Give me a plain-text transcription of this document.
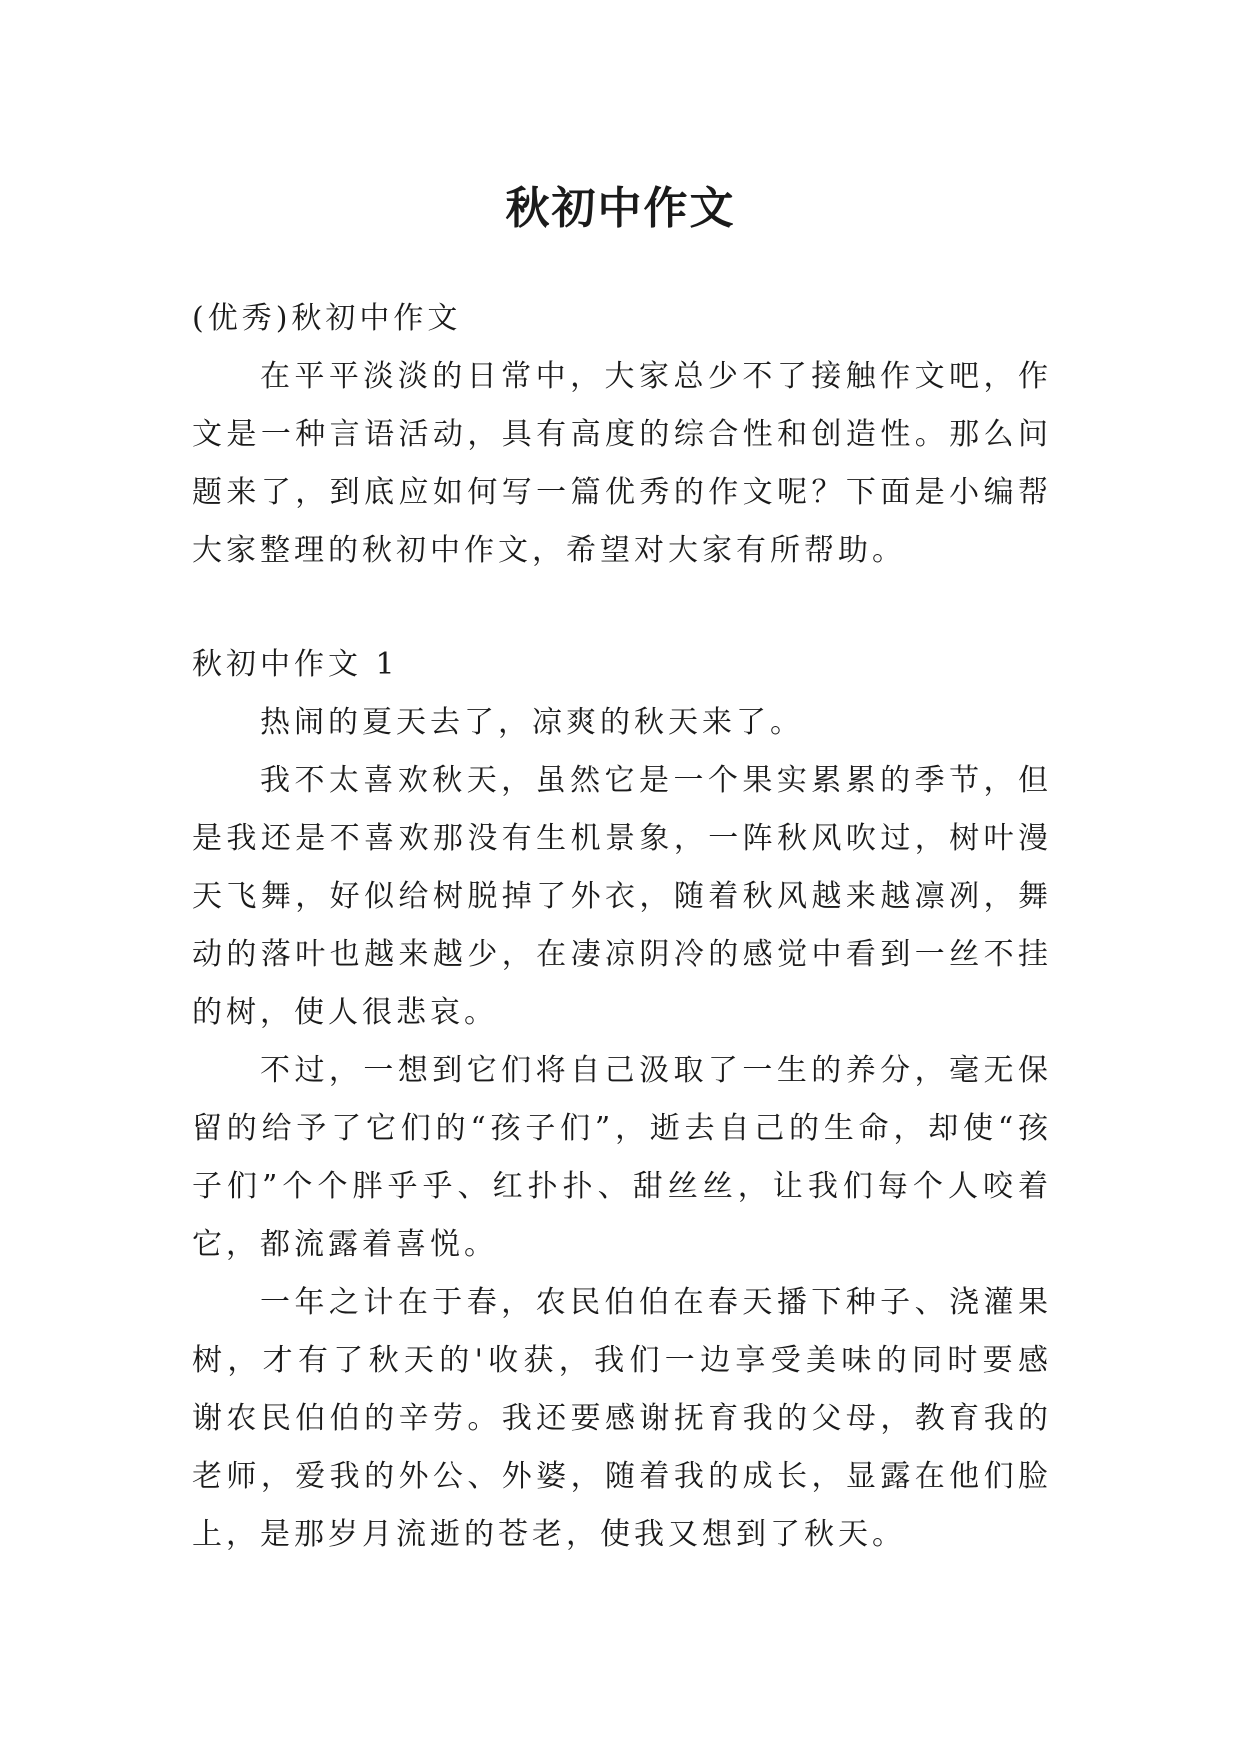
秋初中作文

(优秀)秋初中作文

在平平淡淡的日常中，大家总少不了接触作文吧，作文是一种言语活动，具有高度的综合性和创造性。那么问题来了，到底应如何写一篇优秀的作文呢？下面是小编帮大家整理的秋初中作文，希望对大家有所帮助。

秋初中作文 1

热闹的夏天去了，凉爽的秋天来了。

我不太喜欢秋天，虽然它是一个果实累累的季节，但是我还是不喜欢那没有生机景象，一阵秋风吹过，树叶漫天飞舞，好似给树脱掉了外衣，随着秋风越来越凛冽，舞动的落叶也越来越少，在凄凉阴冷的感觉中看到一丝不挂的树，使人很悲哀。

不过，一想到它们将自己汲取了一生的养分，毫无保留的给予了它们的“孩子们”，逝去自己的生命，却使“孩子们”个个胖乎乎、红扑扑、甜丝丝，让我们每个人咬着它，都流露着喜悦。

一年之计在于春，农民伯伯在春天播下种子、浇灌果树，才有了秋天的'收获，我们一边享受美味的同时要感谢农民伯伯的辛劳。我还要感谢抚育我的父母，教育我的老师，爱我的外公、外婆，随着我的成长，显露在他们脸上，是那岁月流逝的苍老，使我又想到了秋天。
